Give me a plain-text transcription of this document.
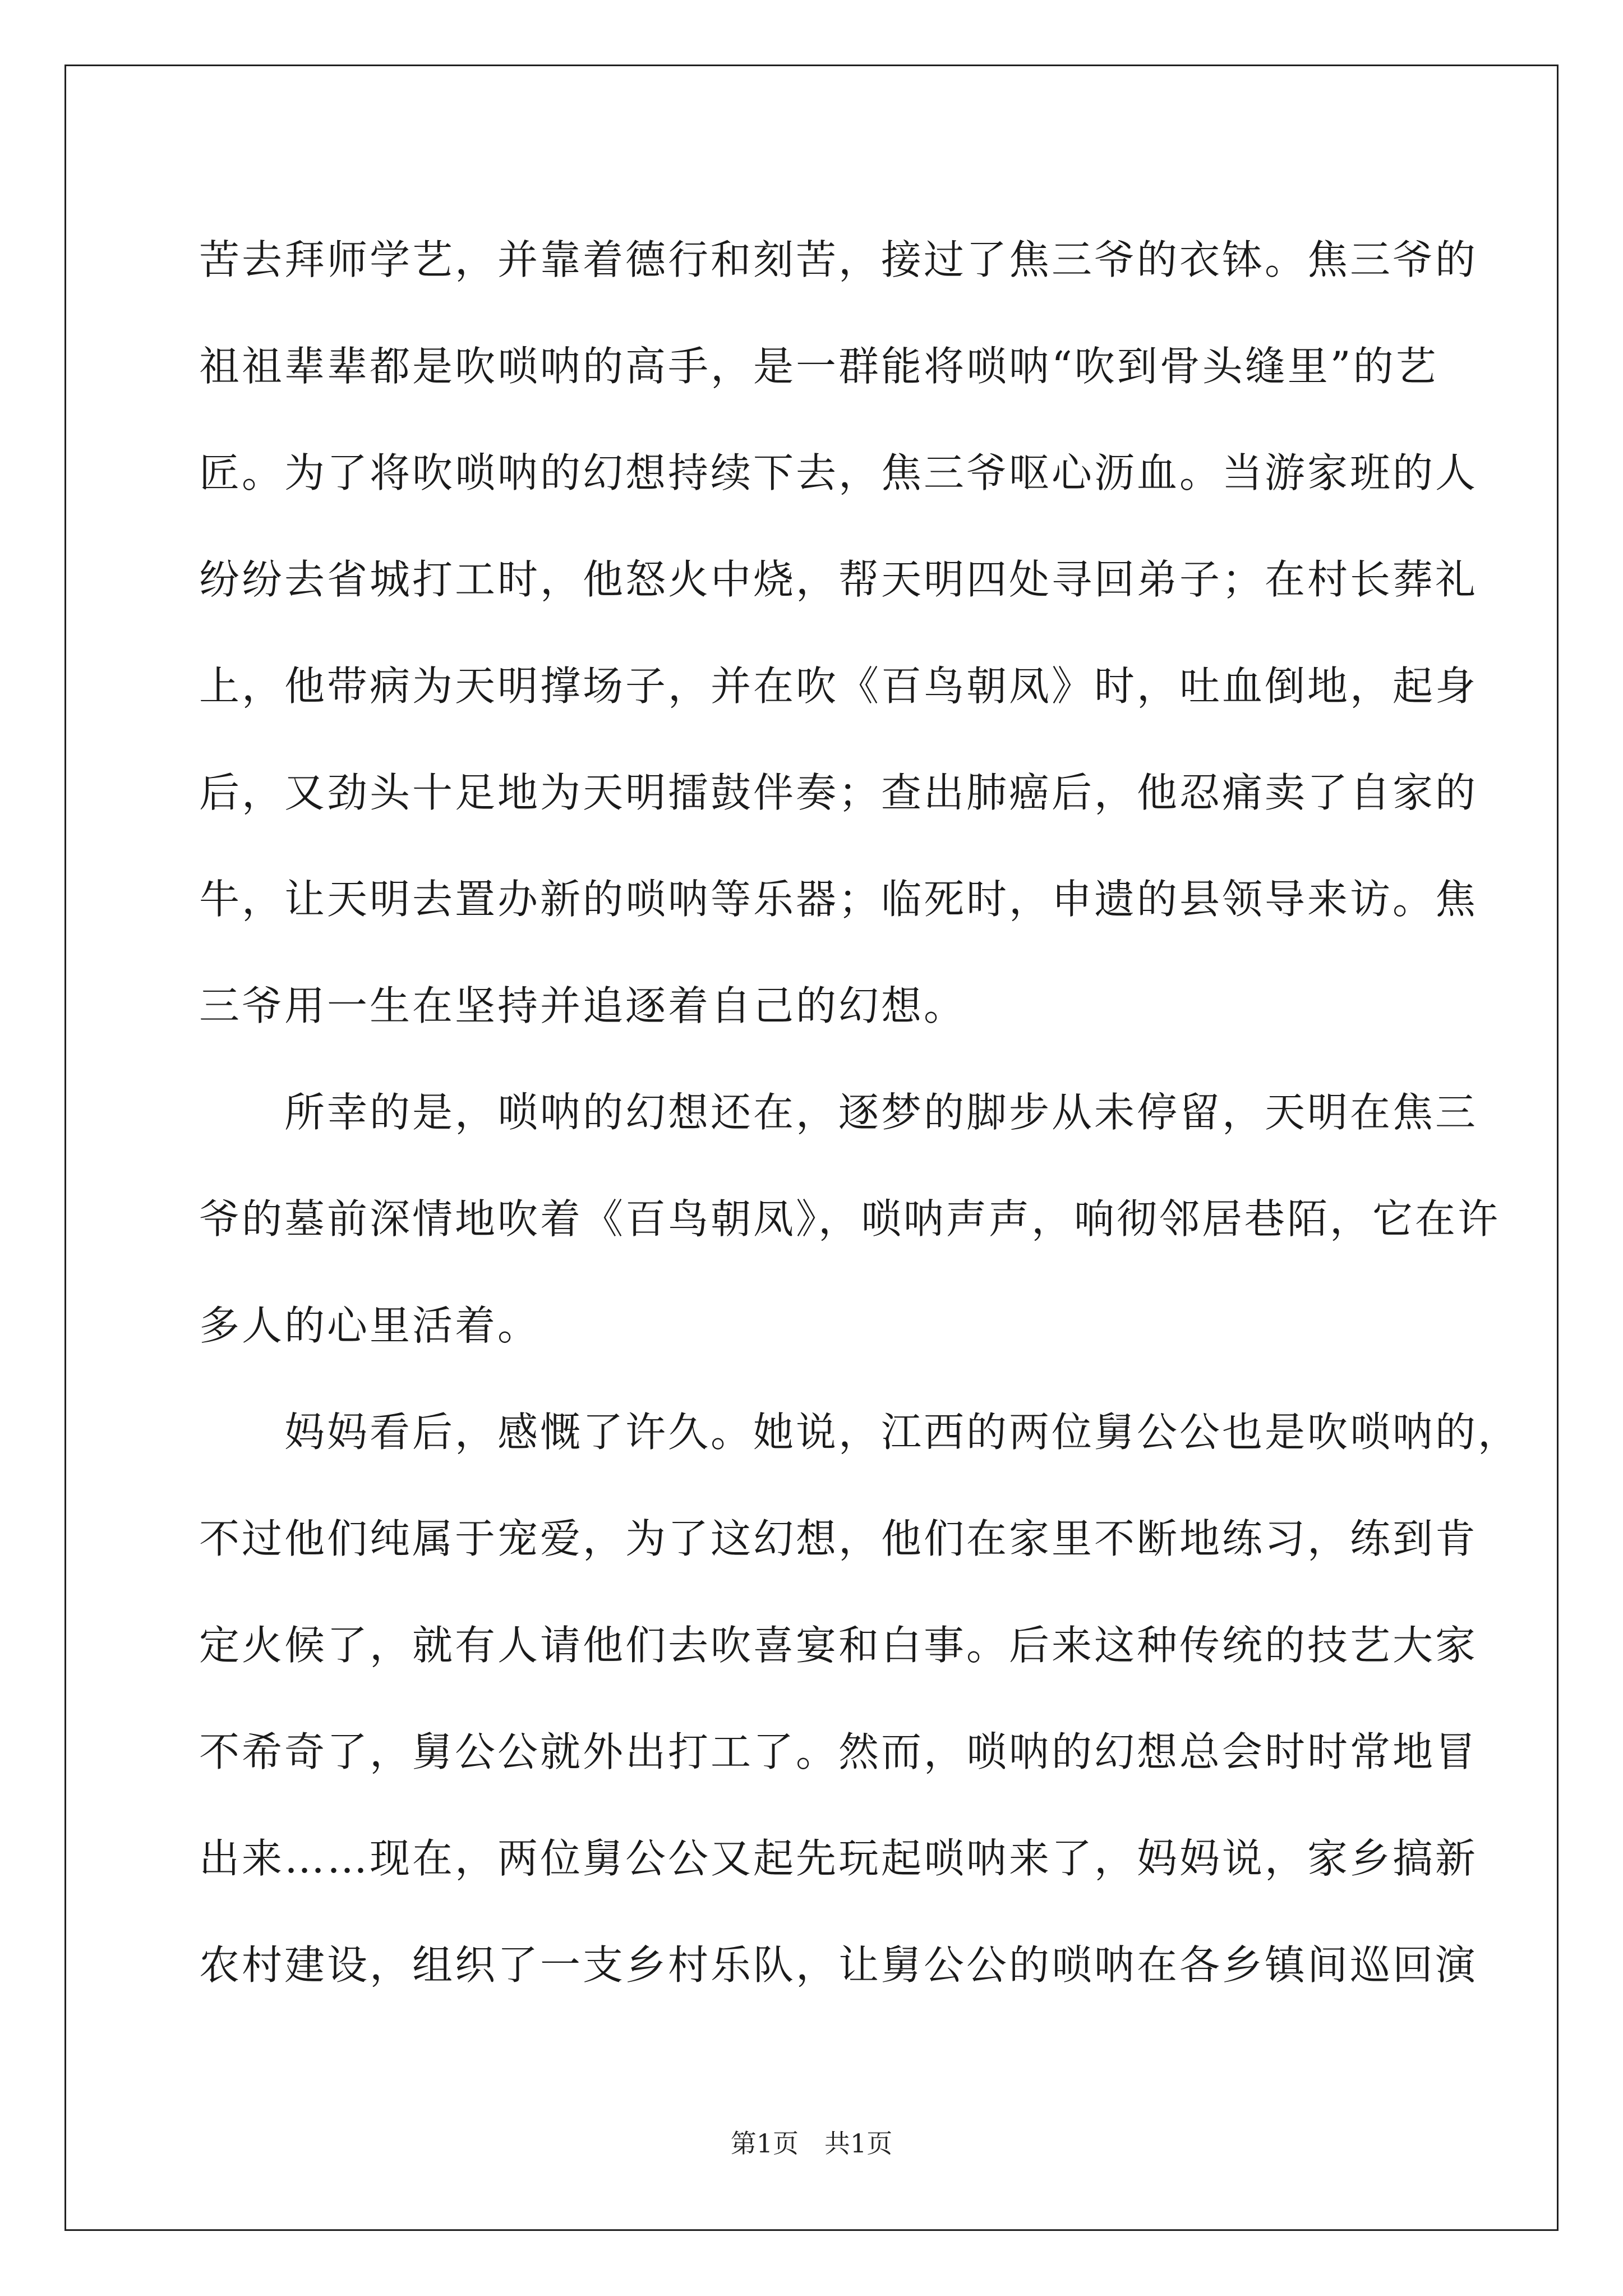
苦去拜师学艺，并靠着德行和刻苦，接过了焦三爷的衣钵。焦三爷的
祖祖辈辈都是吹唢呐的高手，是一群能将唢呐“吹到骨头缝里”的艺
匠。为了将吹唢呐的幻想持续下去，焦三爷呕心沥血。当游家班的人
纷纷去省城打工时，他怒火中烧，帮天明四处寻回弟子；在村长葬礼
上，他带病为天明撑场子，并在吹《百鸟朝凤》时，吐血倒地，起身
后，又劲头十足地为天明擂鼓伴奏；查出肺癌后，他忍痛卖了自家的
牛，让天明去置办新的唢呐等乐器；临死时，申遗的县领导来访。焦
三爷用一生在坚持并追逐着自己的幻想。
　　所幸的是，唢呐的幻想还在，逐梦的脚步从未停留，天明在焦三
爷的墓前深情地吹着《百鸟朝凤》，唢呐声声，响彻邻居巷陌，它在许
多人的心里活着。
　　妈妈看后，感慨了许久。她说，江西的两位舅公公也是吹唢呐的，
不过他们纯属于宠爱，为了这幻想，他们在家里不断地练习，练到肯
定火候了，就有人请他们去吹喜宴和白事。后来这种传统的技艺大家
不希奇了，舅公公就外出打工了。然而，唢呐的幻想总会时时常地冒
出来……现在，两位舅公公又起先玩起唢呐来了，妈妈说，家乡搞新
农村建设，组织了一支乡村乐队，让舅公公的唢呐在各乡镇间巡回演
第1页　共1页
